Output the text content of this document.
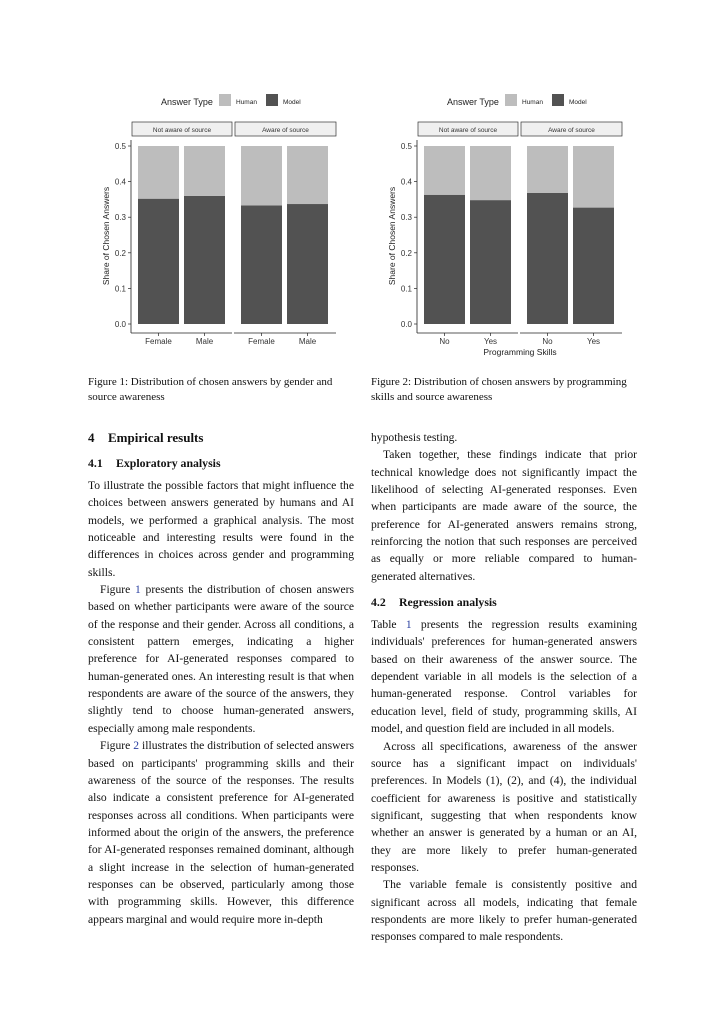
Answer Type	Human	Model
Share of Chosen Answers
0.0
0.1
0.2
0.3
0.4
0.5
Not aware of source
Female	Male
Aware of source
Female	Male
Answer Type	Human	Model
Share of Chosen Answers
0.0
0.1
0.2
0.3
0.4
0.5
Not aware of source
No	Yes
Aware of source
No	Yes
Programming Skills
Figure 1: Distribution of chosen answers by gender and source awareness
Figure 2: Distribution of chosen answers by programming skills and source awareness
4 Empirical results
4.1 Exploratory analysis

To illustrate the possible factors that might influence the choices between answers generated by humans and AI models, we performed a graphical analysis. The most noticeable and interesting results were found in the differences in choices across gender and programming skills.

Figure 1 presents the distribution of chosen answers based on whether participants were aware of the source of the response and their gender. Across all conditions, a consistent pattern emerges, indicating a higher preference for AI-generated responses compared to human-generated ones. An interesting result is that when respondents are aware of the source of the answers, they slightly tend to choose human-generated answers, especially among male respondents.

Figure 2 illustrates the distribution of selected answers based on participants' programming skills and their awareness of the source of the responses. The results also indicate a consistent preference for AI-generated responses across all conditions. When participants were informed about the origin of the answers, the preference for AI-generated responses remained dominant, although a slight increase in the selection of human-generated responses can be observed, particularly among those with programming skills. However, this difference appears marginal and would require more in-depth

hypothesis testing.

Taken together, these findings indicate that prior technical knowledge does not significantly impact the likelihood of selecting AI-generated responses. Even when participants are made aware of the source, the preference for AI-generated answers remains strong, reinforcing the notion that such responses are perceived as equally or more reliable compared to human-generated alternatives.

4.2 Regression analysis

Table 1 presents the regression results examining individuals' preferences for human-generated answers based on their awareness of the answer source. The dependent variable in all models is the selection of a human-generated response. Control variables for education level, field of study, programming skills, AI model, and question field are included in all models.

Across all specifications, awareness of the answer source has a significant impact on individuals' preferences. In Models (1), (2), and (4), the individual coefficient for awareness is positive and statistically significant, suggesting that when respondents know whether an answer is generated by a human or an AI, they are more likely to prefer human-generated responses.

The variable female is consistently positive and significant across all models, indicating that female respondents are more likely to prefer human-generated responses compared to male respondents.
